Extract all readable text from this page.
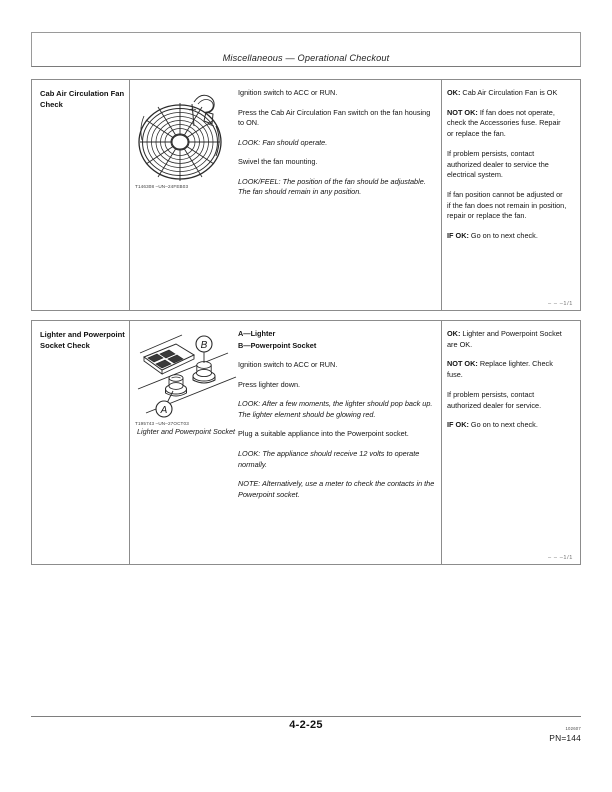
Miscellaneous — Operational Checkout
Cab Air Circulation Fan Check
T146308 –UN–24FEB03

Ignition switch to ACC or RUN.

Press the Cab Air Circulation Fan switch on the fan housing to ON.

LOOK: Fan should operate.

Swivel the fan mounting.

LOOK/FEEL: The position of the fan should be adjustable. The fan should remain in any position.

OK: Cab Air Circulation Fan is OK

NOT OK: If fan does not operate, check the Accessories fuse. Repair or replace the fan.

If problem persists, contact authorized dealer to service the electrical system.

If fan position cannot be adjusted or if the fan does not remain in position, repair or replace the fan.

IF OK: Go on to next check.

– – –1/1
Lighter and Powerpoint Socket Check	B
A
T195743 –UN–27OCT03
Lighter and Powerpoint Socket

A—Lighter

B—Powerpoint Socket

Ignition switch to ACC or RUN.

Press lighter down.

LOOK: After a few moments, the lighter should pop back up. The lighter element should be glowing red.

Plug a suitable appliance into the Powerpoint socket.

LOOK: The appliance should receive 12 volts to operate normally.

NOTE: Alternatively, use a meter to check the contacts in the Powerpoint socket.

OK: Lighter and Powerpoint Socket are OK.

NOT OK: Replace lighter. Check fuse.

If problem persists, contact authorized dealer for service.

IF OK: Go on to next check.

– – –1/1
4-2-25	102607
PN=144
